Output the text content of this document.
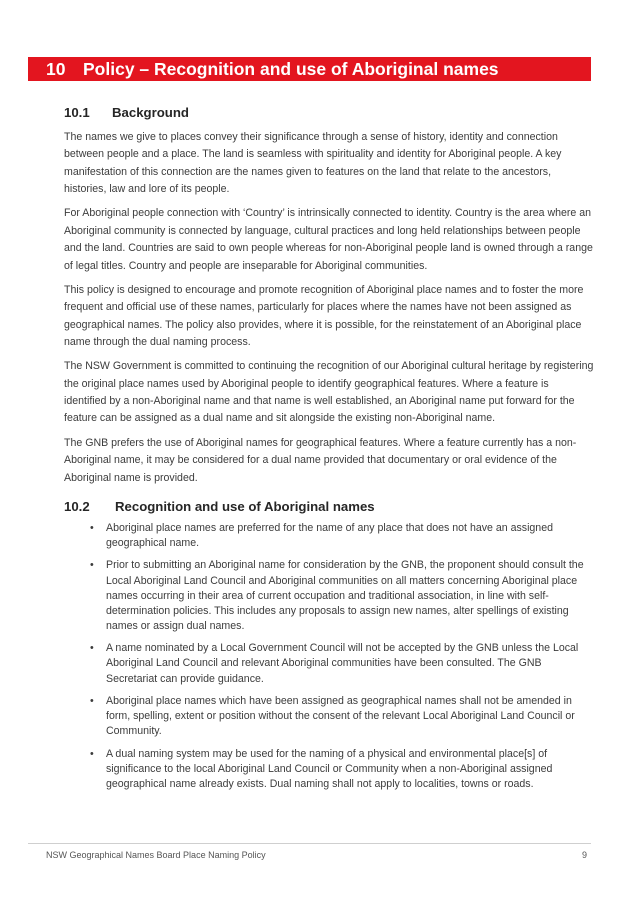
10 Policy – Recognition and use of Aboriginal names
10.1 Background

The names we give to places convey their significance through a sense of history, identity and connection between people and a place. The land is seamless with spirituality and identity for Aboriginal people. A key manifestation of this connection are the names given to features on the land that relate to the ancestors, histories, law and lore of its people.

For Aboriginal people connection with ‘Country’ is intrinsically connected to identity. Country is the area where an Aboriginal community is connected by language, cultural practices and long held relationships between people and the land. Countries are said to own people whereas for non-Aboriginal people land is owned through a range of legal titles. Country and people are inseparable for Aboriginal communities.

This policy is designed to encourage and promote recognition of Aboriginal place names and to foster the more frequent and official use of these names, particularly for places where the names have not been assigned as geographical names. The policy also provides, where it is possible, for the reinstatement of an Aboriginal place name through the dual naming process.

The NSW Government is committed to continuing the recognition of our Aboriginal cultural heritage by registering the original place names used by Aboriginal people to identify geographical features. Where a feature is identified by a non-Aboriginal name and that name is well established, an Aboriginal name put forward for the feature can be assigned as a dual name and sit alongside the existing non-Aboriginal name.

The GNB prefers the use of Aboriginal names for geographical features. Where a feature currently has a non-Aboriginal name, it may be considered for a dual name provided that documentary or oral evidence of the Aboriginal name is provided.

10.2 Recognition and use of Aboriginal names
• Aboriginal place names are preferred for the name of any place that does not have an assigned geographical name.
• Prior to submitting an Aboriginal name for consideration by the GNB, the proponent should consult the Local Aboriginal Land Council and Aboriginal communities on all matters concerning Aboriginal place names occurring in their area of current occupation and traditional association, in line with self-determination policies. This includes any proposals to assign new names, alter spellings of existing names or assign dual names.
• A name nominated by a Local Government Council will not be accepted by the GNB unless the Local Aboriginal Land Council and relevant Aboriginal communities have been consulted. The GNB Secretariat can provide guidance.
• Aboriginal place names which have been assigned as geographical names shall not be amended in form, spelling, extent or position without the consent of the relevant Local Aboriginal Land Council or Community.
• A dual naming system may be used for the naming of a physical and environmental place[s] of significance to the local Aboriginal Land Council or Community when a non-Aboriginal assigned geographical name already exists. Dual naming shall not apply to localities, towns or roads.
NSW Geographical Names Board Place Naming Policy	9
